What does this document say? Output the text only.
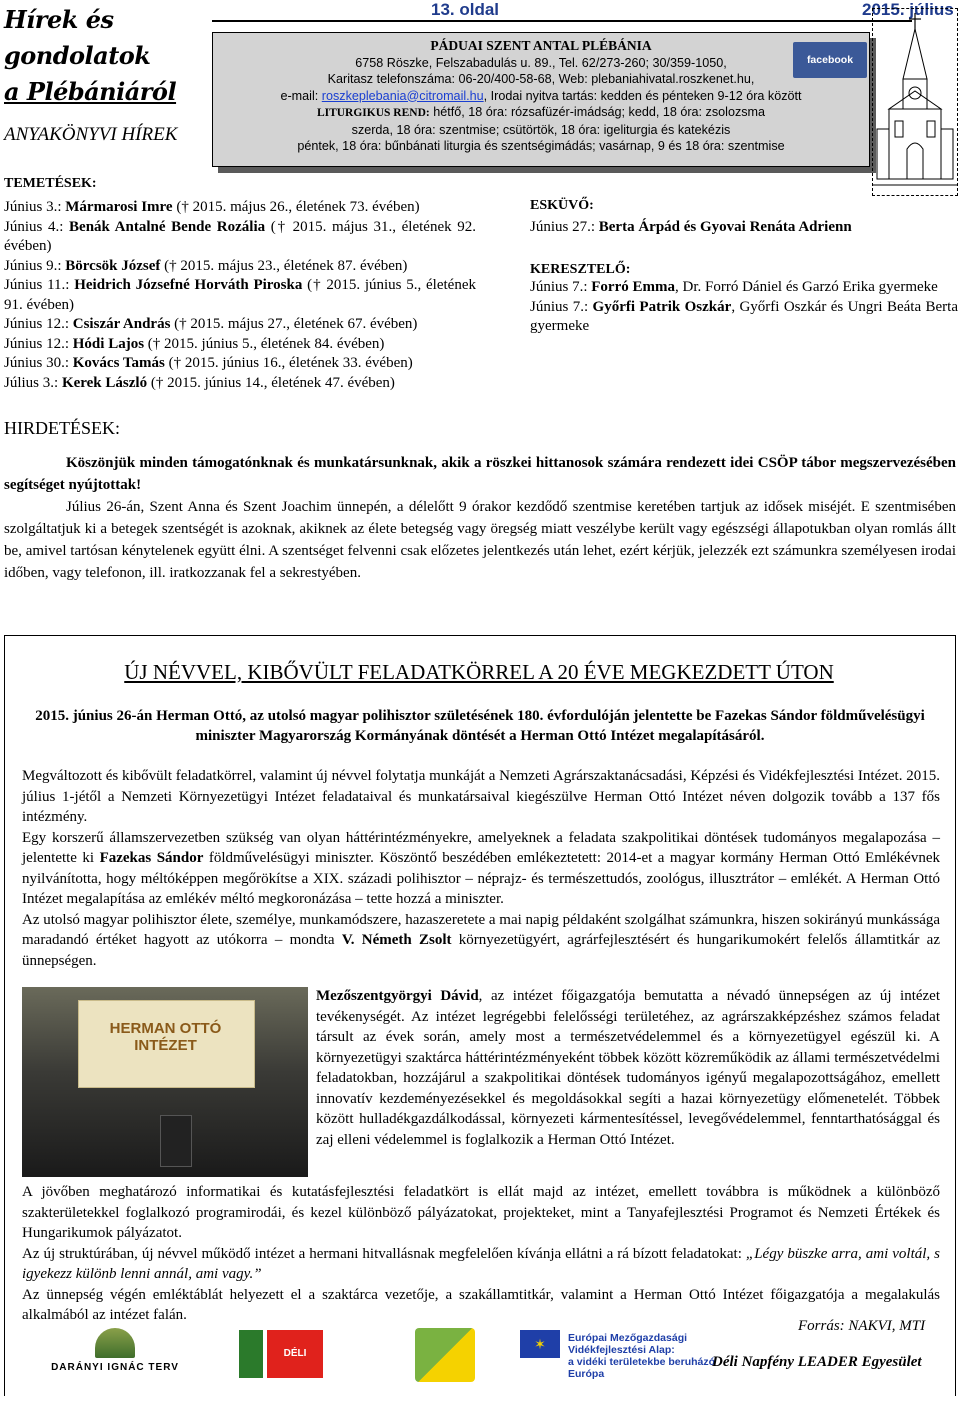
Hírek és gondolatok
a Plébániáról
ANYAKÖNYVI HÍREK
13. oldal	2015. július
PÁDUAI SZENT ANTAL PLÉBÁNIA
6758 Röszke, Felszabadulás u. 89., Tel. 62/273-260; 30/359-1050,
Karitasz telefonszáma: 06-20/400-58-68, Web: plebaniahivatal.roszkenet.hu,
e-mail: roszkeplebania@citromail.hu, Irodai nyitva tartás: kedden és pénteken 9-12 óra között
LITURGIKUS REND: hétfő, 18 óra: rózsafüzér-imádság; kedd, 18 óra: zsolozsma
szerda, 18 óra: szentmise; csütörtök, 18 óra: igeliturgia és katekézis
péntek, 18 óra: bűnbánati liturgia és szentségimádás; vasárnap, 9 és 18 óra: szentmise
facebook
TEMETÉSEK:
Június 3.: Mármarosi Imre († 2015. május 26., életének 73. évében)
Június 4.: Benák Antalné Bende Rozália († 2015. május 31., életének 92. évében)
Június 9.: Börcsök József († 2015. május 23., életének 87. évében)
Június 11.: Heidrich Józsefné Horváth Piroska († 2015. június 5., életének 91. évében)
Június 12.: Csiszár András († 2015. május 27., életének 67. évében)
Június 12.: Hódi Lajos († 2015. június 5., életének 84. évében)
Június 30.: Kovács Tamás († 2015. június 16., életének 33. évében)
Július 3.: Kerek László († 2015. június 14., életének 47. évében)
ESKÜVŐ:
Június 27.: Berta Árpád és Gyovai Renáta Adrienn
KERESZTELŐ:
Június 7.: Forró Emma, Dr. Forró Dániel és Garzó Erika gyermeke
Június 7.: Győrfi Patrik Oszkár, Győrfi Oszkár és Ungri Beáta Berta gyermeke
HIRDETÉSEK:
Köszönjük minden támogatónknak és munkatársunknak, akik a röszkei hittanosok számára rendezett idei CSÖP tábor megszervezésében segítséget nyújtottak!
Július 26-án, Szent Anna és Szent Joachim ünnepén, a délelőtt 9 órakor kezdődő szentmise keretében tartjuk az idősek miséjét. E szentmisében szolgáltatjuk ki a betegek szentségét is azoknak, akiknek az élete betegség vagy öregség miatt veszélybe került vagy egészségi állapotukban olyan romlás állt be, amivel tartósan kénytelenek együtt élni. A szentséget felvenni csak előzetes jelentkezés után lehet, ezért kérjük, jelezzék ezt számunkra személyesen irodai időben, vagy telefonon, ill. iratkozzanak fel a sekrestyében.
ÚJ NÉVVEL, KIBŐVÜLT FELADATKÖRREL A 20 ÉVE MEGKEZDETT ÚTON
2015. június 26-án Herman Ottó, az utolsó magyar polihisztor születésének 180. évfordulóján jelentette be Fazekas Sándor földművelésügyi miniszter Magyarország Kormányának döntését a Herman Ottó Intézet megalapításáról.
Megváltozott és kibővült feladatkörrel, valamint új névvel folytatja munkáját a Nemzeti Agrárszaktanácsadási, Képzési és Vidékfejlesztési Intézet. 2015. július 1-jétől a Nemzeti Környezetügyi Intézet feladataival és munkatársaival kiegészülve Herman Ottó Intézet néven dolgozik tovább a 137 fős intézmény.
Egy korszerű államszervezetben szükség van olyan háttérintézményekre, amelyeknek a feladata szakpolitikai döntések tudományos megalapozása – jelentette ki Fazekas Sándor földművelésügyi miniszter. Köszöntő beszédében emlékeztetett: 2014-et a magyar kormány Herman Ottó Emlékévnek nyilvánította, hogy méltóképpen megőrökítse a XIX. századi polihisztor – néprajz- és természettudós, zoológus, illusztrátor – emlékét. A Herman Ottó Intézet megalapítása az emlékév méltó megkoronázása – tette hozzá a miniszter.
Az utolsó magyar polihisztor élete, személye, munkamódszere, hazaszeretete a mai napig példaként szolgálhat számunkra, hiszen sokirányú munkássága maradandó értéket hagyott az utókorra – mondta V. Németh Zsolt környezetügyért, agrárfejlesztésért és hungarikumokért felelős államtitkár az ünnepségen.
HERMAN OTTÓ INTÉZET
Mezőszentgyörgyi Dávid, az intézet főigazgatója bemutatta a névadó ünnepségen az új intézet tevékenységét. Az intézet legrégebbi felelősségi területéhez, az agrárszakképzéshez számos feladat társult az évek során, amely most a természetvédelemmel és a környezetügyel egészül ki. A környezetügyi szaktárca háttérintézményeként többek között közreműködik az állami természetvédelmi feladatokban, hozzájárul a szakpolitikai döntések tudományos igényű megalapozottságához, emellett innovatív kezdeményezésekkel és megoldásokkal segíti a hazai környezetügy előmenetelét. Többek között hulladékgazdálkodással, környezeti kármentesítéssel, levegővédelemmel, fenntarthatósággal és zaj elleni védelemmel is foglalkozik a Herman Ottó Intézet.
A jövőben meghatározó informatikai és kutatásfejlesztési feladatkört is ellát majd az intézet, emellett továbbra is működnek a különböző szakterületekkel foglalkozó programirodái, és kezel különböző pályázatokat, projekteket, mint a Tanyafejlesztési Programot és Nemzeti Értékek és Hungarikumok pályázatot.
Az új struktúrában, új névvel működő intézet a hermani hitvallásnak megfelelően kívánja ellátni a rá bízott feladatokat: „Légy büszke arra, ami voltál, s igyekezz különb lenni annál, ami vagy.”
Az ünnepség végén emléktáblát helyezett el a szaktárca vezetője, a szakállamtitkár, valamint a Herman Ottó Intézet főigazgatója a megalakulás alkalmából az intézet falán.
DARÁNYI IGNÁC TERV
DÉLI NAPFÉNY
✶	Európai Mezőgazdasági Vidékfejlesztési Alap:
a vidéki területekbe beruházó Európa
Forrás: NAKVI, MTI
Déli Napfény LEADER Egyesület
